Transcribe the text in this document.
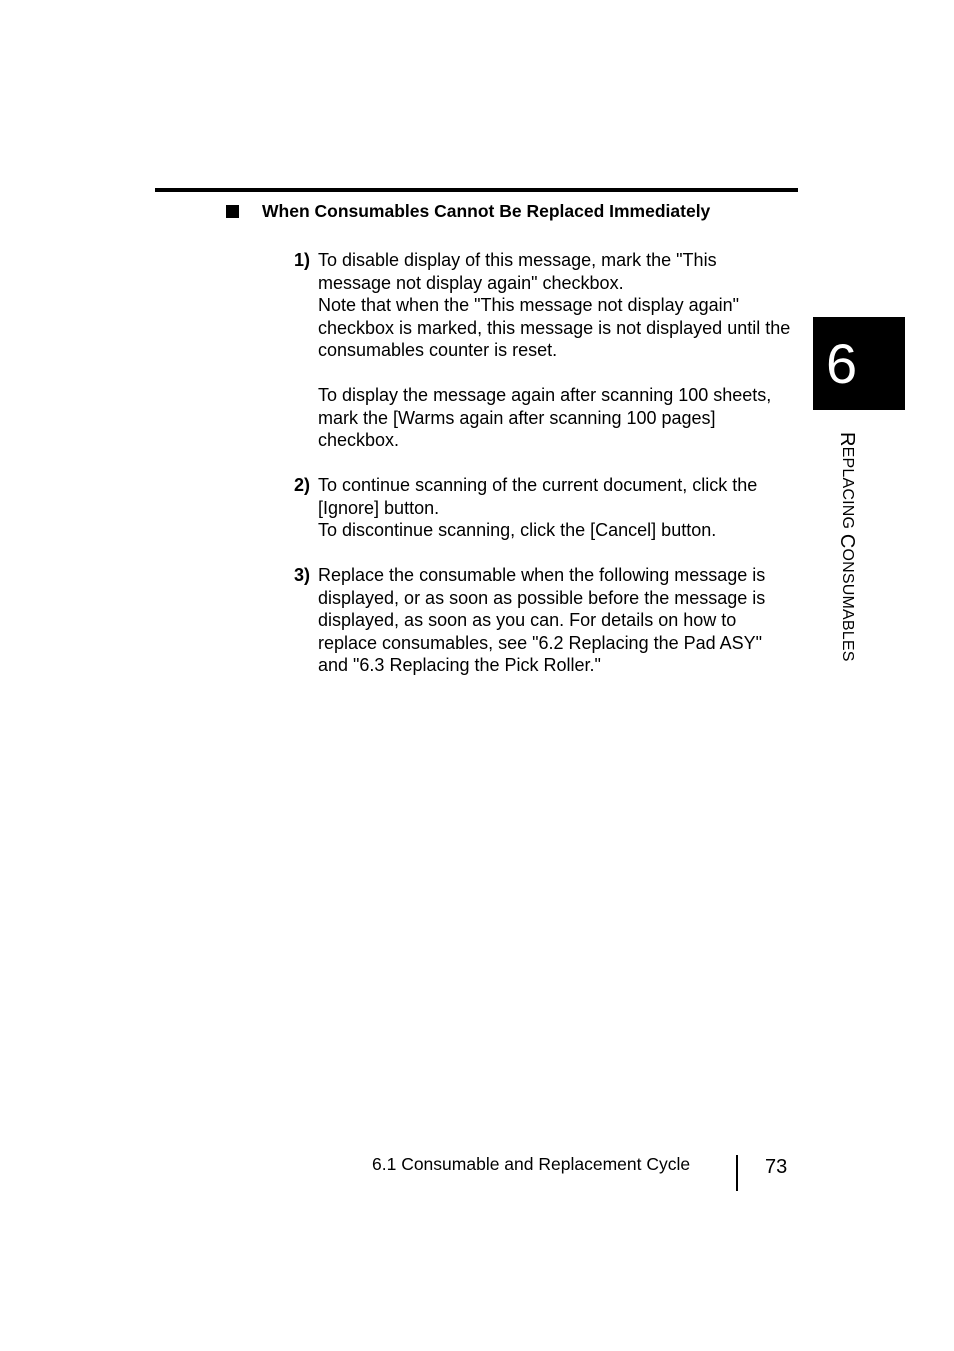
When Consumables Cannot Be Replaced Immediately
1) To disable display of this message, mark the "This message not display again" checkbox.
Note that when the "This message not display again" checkbox is marked, this message is not displayed until the consumables counter is reset.
To display the message again after scanning 100 sheets, mark the [Warms again after scanning 100 pages] checkbox.
2) To continue scanning of the current document, click the [Ignore] button.
To discontinue scanning, click the [Cancel] button.
3) Replace the consumable when the following message is displayed, or as soon as possible before the message is displayed, as soon as you can. For details on how to replace consumables, see "6.2 Replacing the Pad ASY" and "6.3 Replacing the Pick Roller."
6
REPLACING CONSUMABLES
6.1 Consumable and Replacement Cycle	73
